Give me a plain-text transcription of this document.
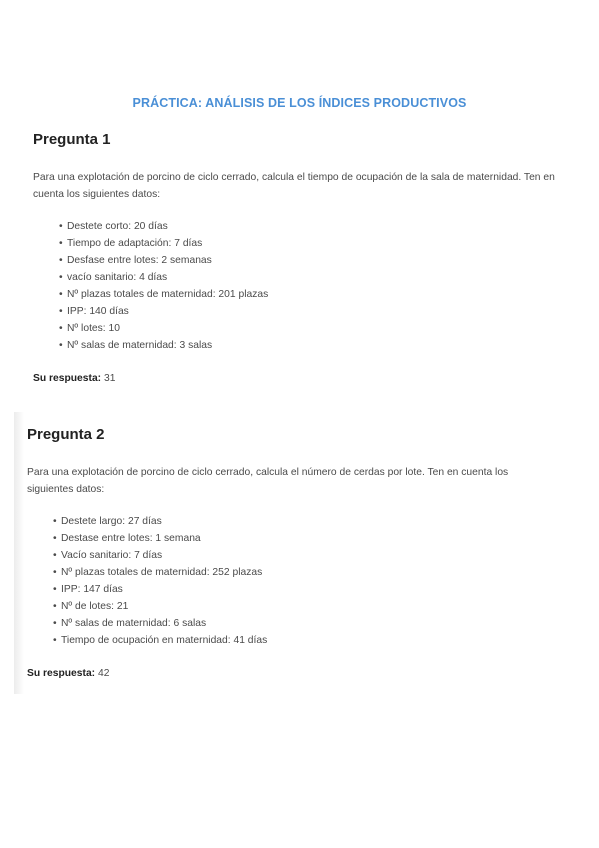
PRÁCTICA: ANÁLISIS DE LOS ÍNDICES PRODUCTIVOS
Pregunta 1

Para una explotación de porcino de ciclo cerrado, calcula el tiempo de ocupación de la sala de maternidad. Ten en cuenta los siguientes datos:

• Destete corto: 20 días
• Tiempo de adaptación: 7 días
• Desfase entre lotes: 2 semanas
• vacío sanitario: 4 días
• Nº plazas totales de maternidad: 201 plazas
• IPP: 140 días
• Nº lotes: 10
• Nº salas de maternidad: 3 salas
Su respuesta: 31
Pregunta 2

Para una explotación de porcino de ciclo cerrado, calcula el número de cerdas por lote. Ten en cuenta los siguientes datos:

• Destete largo: 27 días
• Destase entre lotes: 1 semana
• Vacío sanitario: 7 días
• Nº plazas totales de maternidad: 252 plazas
• IPP: 147 días
• Nº de lotes: 21
• Nº salas de maternidad: 6 salas
• Tiempo de ocupación en maternidad: 41 días
Su respuesta: 42
